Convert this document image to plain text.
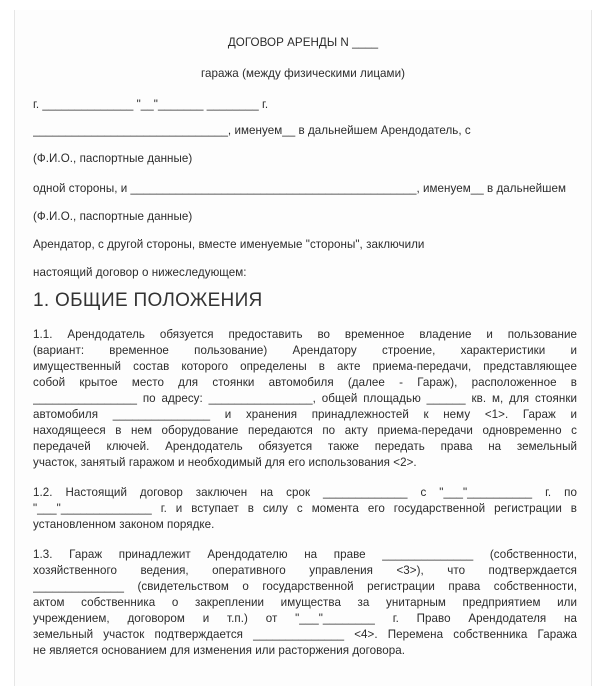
ДОГОВОР АРЕНДЫ N ____
гаража (между физическими лицами)
г. ______________ "__"_______ ________ г.
______________________________, именуем__ в дальнейшем Арендодатель, с
(Ф.И.О., паспортные данные)
одной стороны, и ____________________________________________, именуем__ в дальнейшем
(Ф.И.О., паспортные данные)
Арендатор, с другой стороны, вместе именуемые "стороны", заключили
настоящий договор о нижеследующем:
1. ОБЩИЕ ПОЛОЖЕНИЯ
1.1. Арендодатель обязуется предоставить во временное владение и пользование
(вариант: временное пользование) Арендатору строение, характеристики и
имущественный состав которого определены в акте приема-передачи, представляющее
собой крытое место для стоянки автомобиля (далее - Гараж), расположенное в
________________ по адресу: ________________, общей площадью ______ кв. м, для стоянки
автомобиля _______________ и хранения принадлежностей к нему <1>. Гараж и
находящееся в нем оборудование передаются по акту приема-передачи одновременно с
передачей ключей. Арендодатель обязуется также передать права на земельный
участок, занятый гаражом и необходимый для его использования <2>.
1.2. Настоящий договор заключен на срок _____________ с "___"__________ г. по
"___"______________ г. и вступает в силу с момента его государственной регистрации в
установленном законом порядке.
1.3. Гараж принадлежит Арендодателю на праве ______________ (собственности,
хозяйственного ведения, оперативного управления <3>), что подтверждается
______________ (свидетельством о государственной регистрации права собственности,
актом собственника о закреплении имущества за унитарным предприятием или
учреждением, договором и т.п.) от "___"________ г. Право Арендодателя на
земельный участок подтверждается ______________ <4>. Перемена собственника Гаража
не является основанием для изменения или расторжения договора.
